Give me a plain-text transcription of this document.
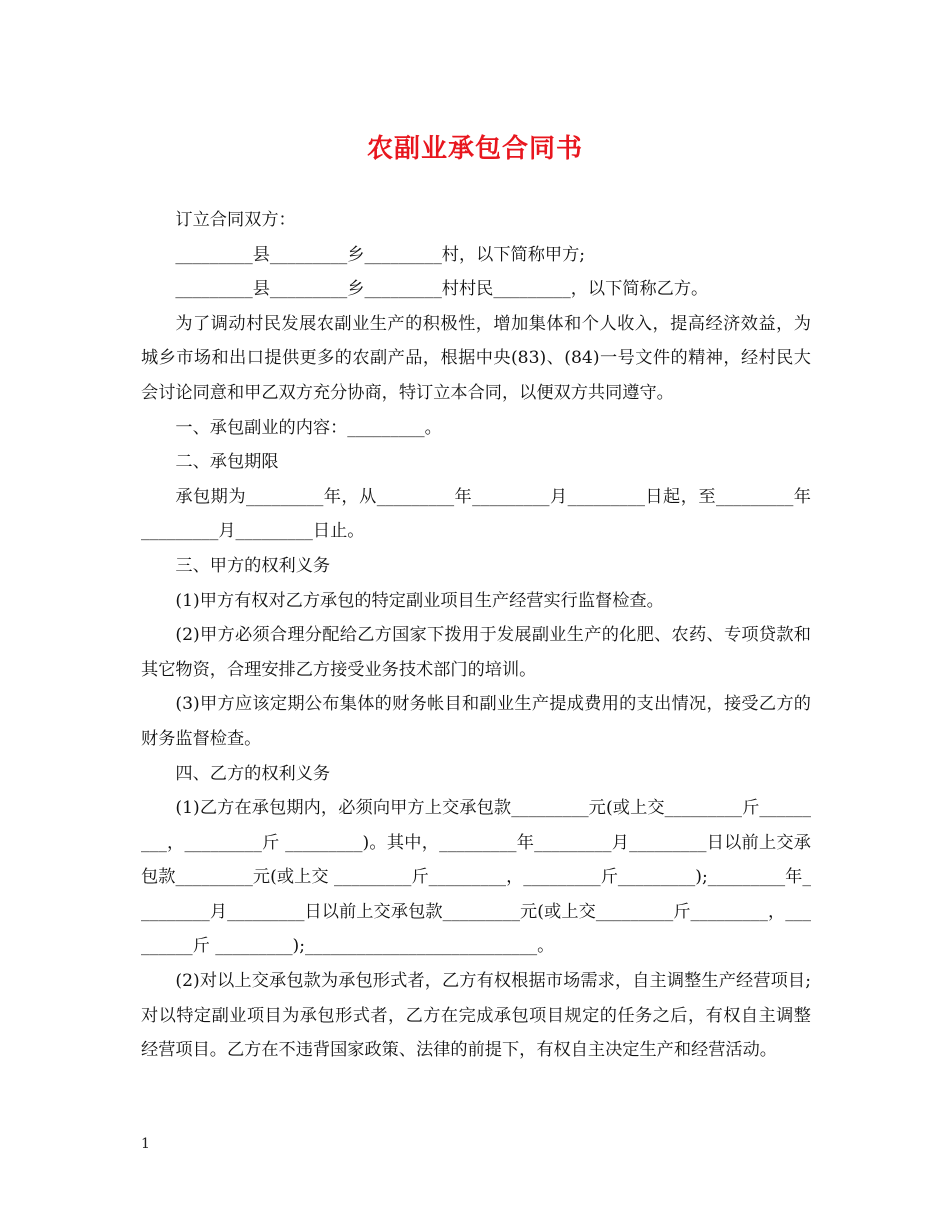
农副业承包合同书

订立合同双方：

_________县_________乡_________村，以下简称甲方;

_________县_________乡_________村村民_________，以下简称乙方。

为了调动村民发展农副业生产的积极性，增加集体和个人收入，提高经济效益，为城乡市场和出口提供更多的农副产品，根据中央(83)、(84)一号文件的精神，经村民大会讨论同意和甲乙双方充分协商，特订立本合同，以便双方共同遵守。

一、承包副业的内容：_________。

二、承包期限

承包期为_________年，从_________年_________月_________日起，至_________年_________月_________日止。

三、甲方的权利义务

(1)甲方有权对乙方承包的特定副业项目生产经营实行监督检查。

(2)甲方必须合理分配给乙方国家下拨用于发展副业生产的化肥、农药、专项贷款和其它物资，合理安排乙方接受业务技术部门的培训。

(3)甲方应该定期公布集体的财务帐目和副业生产提成费用的支出情况，接受乙方的财务监督检查。

四、乙方的权利义务

(1)乙方在承包期内，必须向甲方上交承包款_________元(或上交_________斤_________，_________斤 _________)。其中，_________年_________月_________日以前上交承包款_________元(或上交 _________斤_________，_________斤_________);_________年_________月_________日以前上交承包款_________元(或上交_________斤_________，_________斤 _________);___________________________。

(2)对以上交承包款为承包形式者，乙方有权根据市场需求，自主调整生产经营项目;对以特定副业项目为承包形式者，乙方在完成承包项目规定的任务之后，有权自主调整经营项目。乙方在不违背国家政策、法律的前提下，有权自主决定生产和经营活动。

1
